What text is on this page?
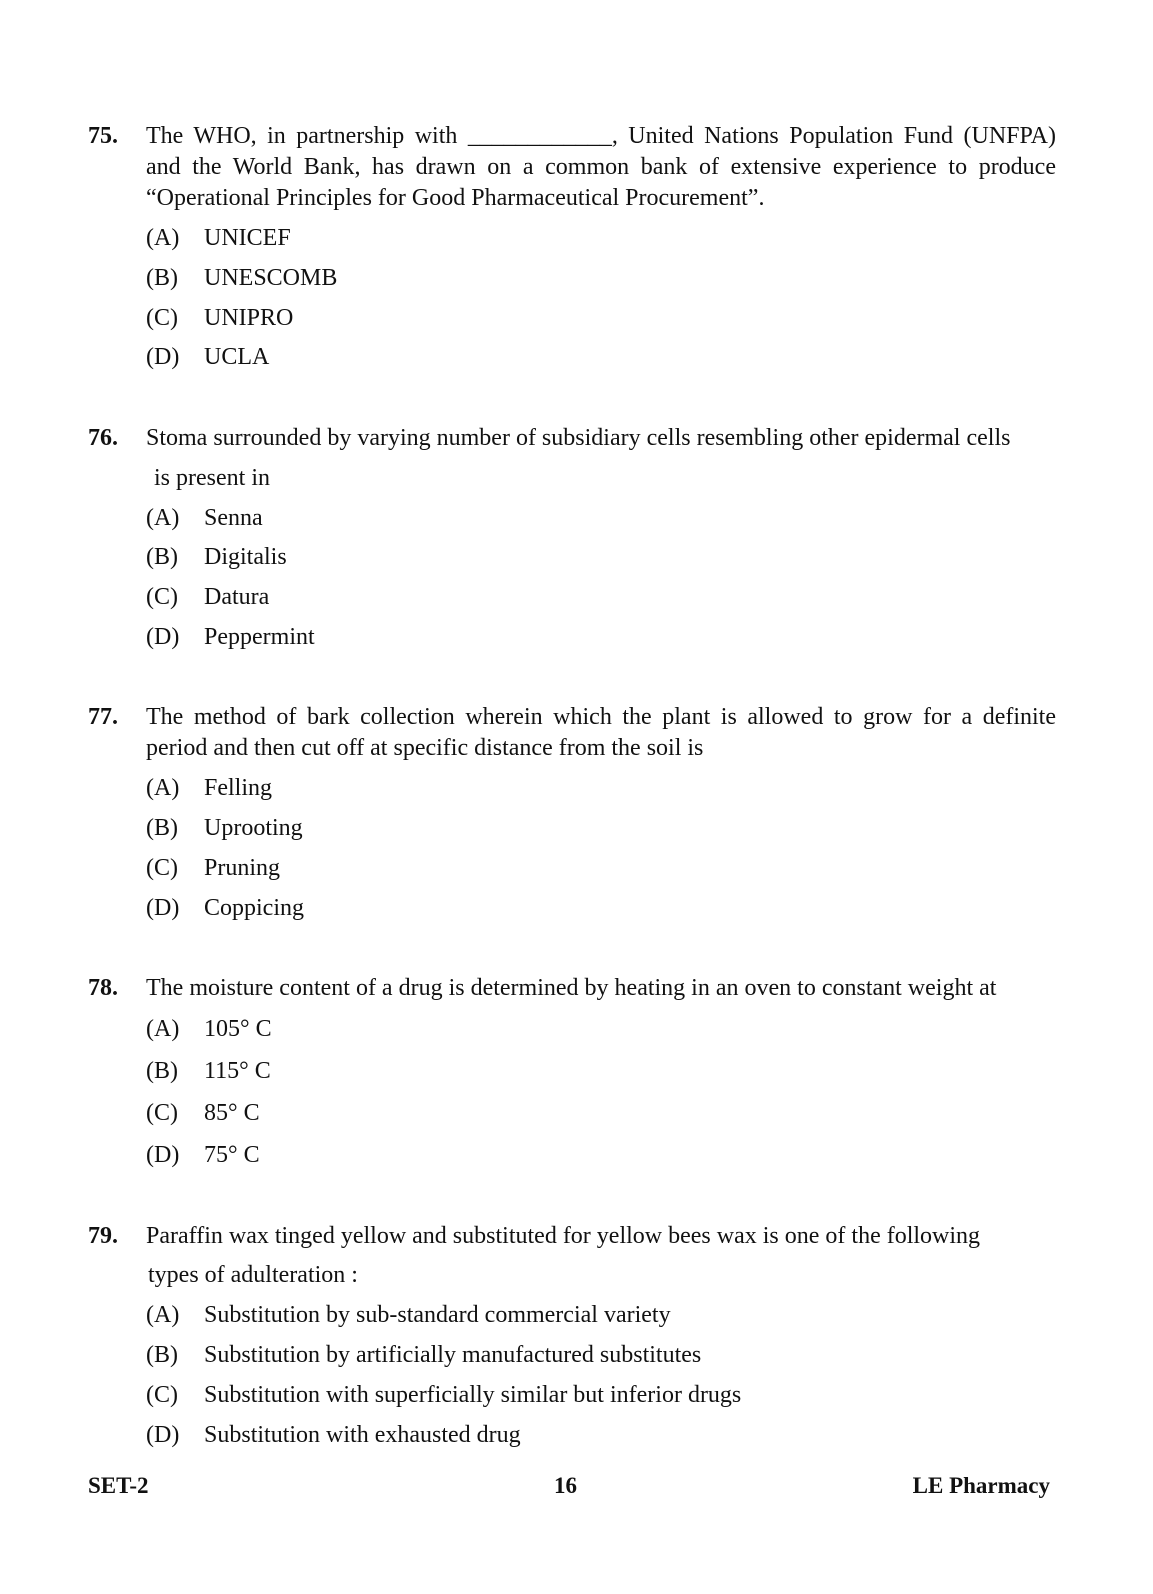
75. The WHO, in partnership with ____________, United Nations Population Fund (UNFPA)
and the World Bank, has drawn on a common bank of extensive experience to produce
“Operational Principles for Good Pharmaceutical Procurement”.
(A) UNICEF
(B) UNESCOMB
(C) UNIPRO
(D) UCLA
76. Stoma surrounded by varying number of subsidiary cells resembling other epidermal cells
is present in
(A) Senna
(B) Digitalis
(C) Datura
(D) Peppermint
77. The method of bark collection wherein which the plant is allowed to grow for a definite
period and then cut off at specific distance from the soil is
(A) Felling
(B) Uprooting
(C) Pruning
(D) Coppicing
78. The moisture content of a drug is determined by heating in an oven to constant weight at
(A) 105° C
(B) 115° C
(C) 85° C
(D) 75° C
79. Paraffin wax tinged yellow and substituted for yellow bees wax is one of the following
types of adulteration :
(A) Substitution by sub-standard commercial variety
(B) Substitution by artificially manufactured substitutes
(C) Substitution with superficially similar but inferior drugs
(D) Substitution with exhausted drug
SET-2	16	LE Pharmacy
